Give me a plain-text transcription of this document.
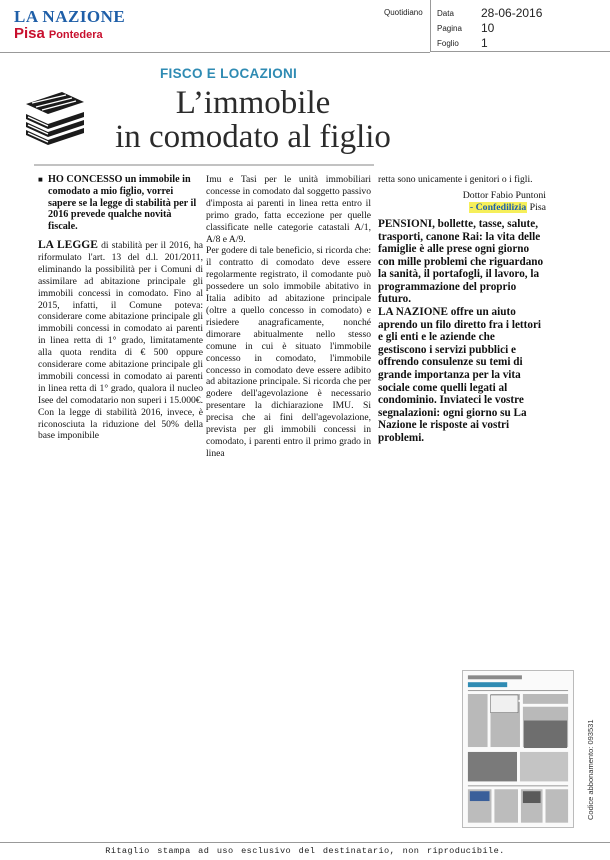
LA NAZIONE
Pisa Pontedera
Quotidiano Data 28-06-2016
Pagina 10
Foglio 1
FISCO E LOCAZIONI
L’immobile
in comodato al figlio
■ HO CONCESSO un immobile in comodato a mio figlio, vorrei sapere se la legge di stabilità per il 2016 prevede qualche novità fiscale.
LA LEGGE di stabilità per il 2016, ha riformulato l'art. 13 del d.l. 201/2011, eliminando la possibilità per i Comuni di assimilare ad abitazione principale gli immobili concessi in comodato. Fino al 2015, infatti, il Comune poteva: considerare come abitazione principale gli immobili concessi in comodato ai parenti in linea retta di 1° grado, limitatamente alla quota rendita di € 500 oppure considerare come abitazione principale gli immobili concessi in comodato ai parenti in linea retta di 1° grado, qualora il nucleo Isee del comodatario non superi i 15.000€. Con la legge di stabilità 2016, invece, è riconosciuta la riduzione del 50% della base imponibile
Imu e Tasi per le unità immobiliari concesse in comodato dal soggetto passivo d'imposta ai parenti in linea retta entro il primo grado, fatta eccezione per quelle classificate nelle categorie catastali A/1, A/8 e A/9.
Per godere di tale beneficio, si ricorda che: il contratto di comodato deve essere regolarmente registrato, il comodante può possedere un solo immobile abitativo in Italia adibito ad abitazione principale (oltre a quello concesso in comodato) e risiedere anagraficamente, nonché dimorare abitualmente nello stesso comune in cui è situato l'immobile concesso in comodato, l'immobile concesso in comodato deve essere adibito ad abitazione principale. Si ricorda che per godere dell'agevolazione è necessario presentare la dichiarazione IMU. Si precisa che ai fini dell'agevolazione, prevista per gli immobili concessi in comodato, i parenti entro il primo grado in linea
retta sono unicamente i genitori o i figli.
Dottor Fabio Puntoni
- Confedilizia Pisa
PENSIONI, bollette, tasse, salute, trasporti, canone Rai: la vita delle famiglie è alle prese ogni giorno con mille problemi che riguardano la sanità, il portafogli, il lavoro, la programmazione del proprio futuro.
LA NAZIONE offre un aiuto aprendo un filo diretto fra i lettori e gli enti e le aziende che gestiscono i servizi pubblici e offrendo consulenze su temi di grande importanza per la vita sociale come quelli legati al condominio. Inviateci le vostre segnalazioni: ogni giorno su La Nazione le risposte ai vostri problemi.
Codice abbonamento: 093531
Ritaglio stampa ad uso esclusivo del destinatario, non riproducibile.
